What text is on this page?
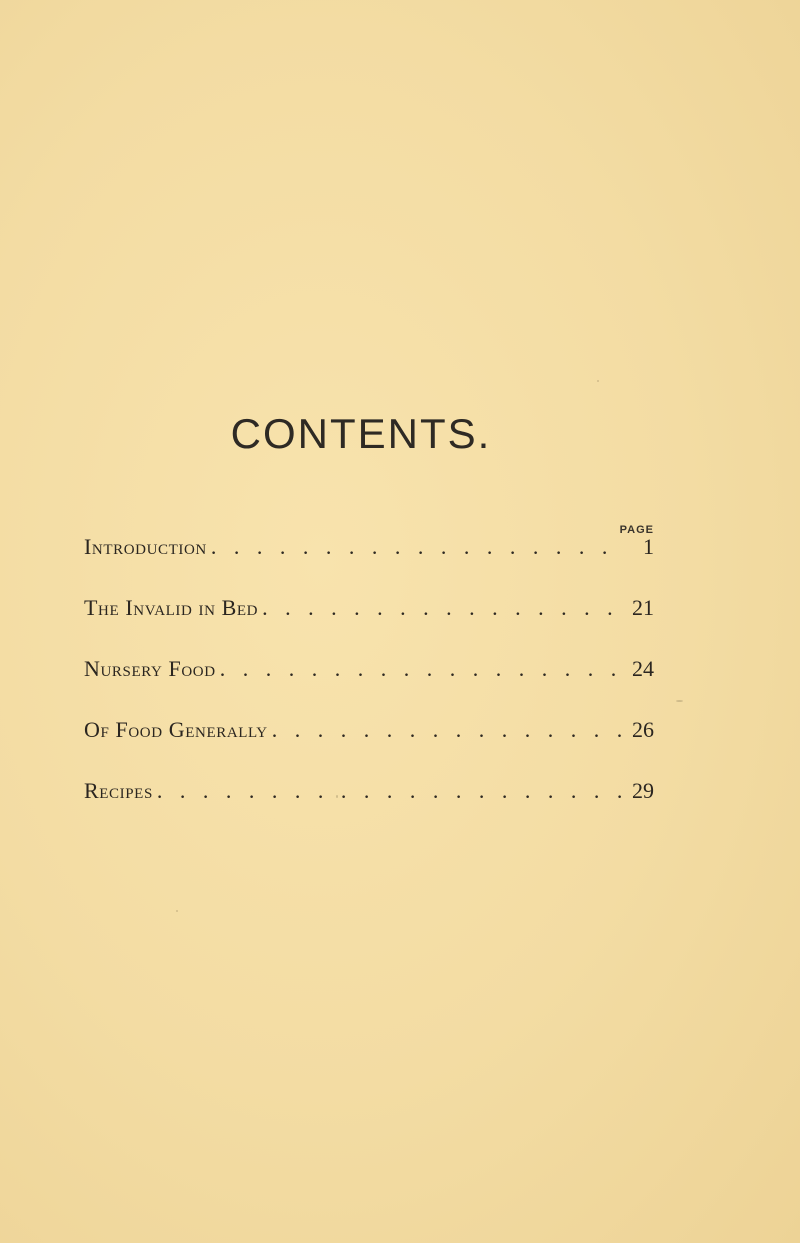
CONTENTS.
PAGE
Introduction . . .	1
The Invalid in Bed . . .	21
Nursery Food . . .	24
Of Food Generally . . .	26
Recipes . . .	29
